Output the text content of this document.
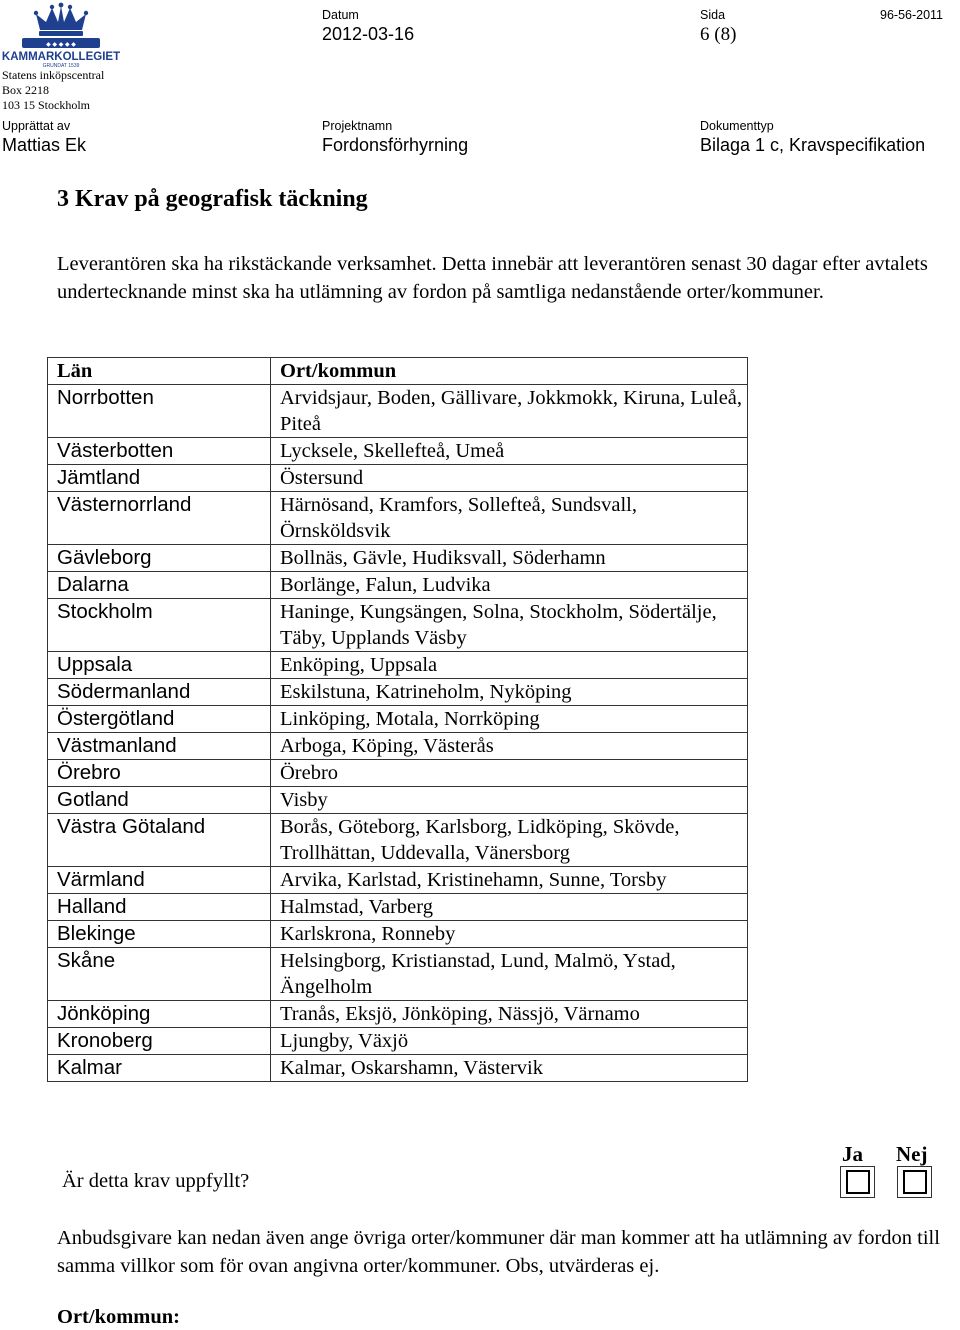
◆ ◆ ◆ ◆ ◆
KAMMARKOLLEGIET
GRUNDAT 1539
Statens inköpscentral
Box 2218
103 15 Stockholm
Datum
2012-03-16
Sida
6 (8)
96-56-2011
Upprättat av
Mattias Ek
Projektnamn
Fordonsförhyrning
Dokumenttyp
Bilaga 1 c, Kravspecifikation
3 Krav på geografisk täckning

Leverantören ska ha rikstäckande verksamhet. Detta innebär att leverantören senast 30 dagar efter avtalets undertecknande minst ska ha utlämning av fordon på samtliga nedanstående orter/kommuner.

Län	Ort/kommun
Norrbotten	Arvidsjaur, Boden, Gällivare, Jokkmokk, Kiruna, Luleå, Piteå
Västerbotten	Lycksele, Skellefteå, Umeå
Jämtland	Östersund
Västernorrland	Härnösand, Kramfors, Sollefteå, Sundsvall, Örnsköldsvik
Gävleborg	Bollnäs, Gävle, Hudiksvall, Söderhamn
Dalarna	Borlänge, Falun, Ludvika
Stockholm	Haninge, Kungsängen, Solna, Stockholm, Södertälje, Täby, Upplands Väsby
Uppsala	Enköping, Uppsala
Södermanland	Eskilstuna, Katrineholm, Nyköping
Östergötland	Linköping, Motala, Norrköping
Västmanland	Arboga, Köping, Västerås
Örebro	Örebro
Gotland	Visby
Västra Götaland	Borås, Göteborg, Karlsborg, Lidköping, Skövde, Trollhättan, Uddevalla, Vänersborg
Värmland	Arvika, Karlstad, Kristinehamn, Sunne, Torsby
Halland	Halmstad, Varberg
Blekinge	Karlskrona, Ronneby
Skåne	Helsingborg, Kristianstad, Lund, Malmö, Ystad, Ängelholm
Jönköping	Tranås, Eksjö, Jönköping, Nässjö, Värnamo
Kronoberg	Ljungby, Växjö
Kalmar	Kalmar, Oskarshamn, Västervik
Är detta krav uppfyllt?
Ja Nej

Anbudsgivare kan nedan även ange övriga orter/kommuner där man kommer att ha utlämning av fordon till samma villkor som för ovan angivna orter/kommuner. Obs, utvärderas ej.

Ort/kommun:
